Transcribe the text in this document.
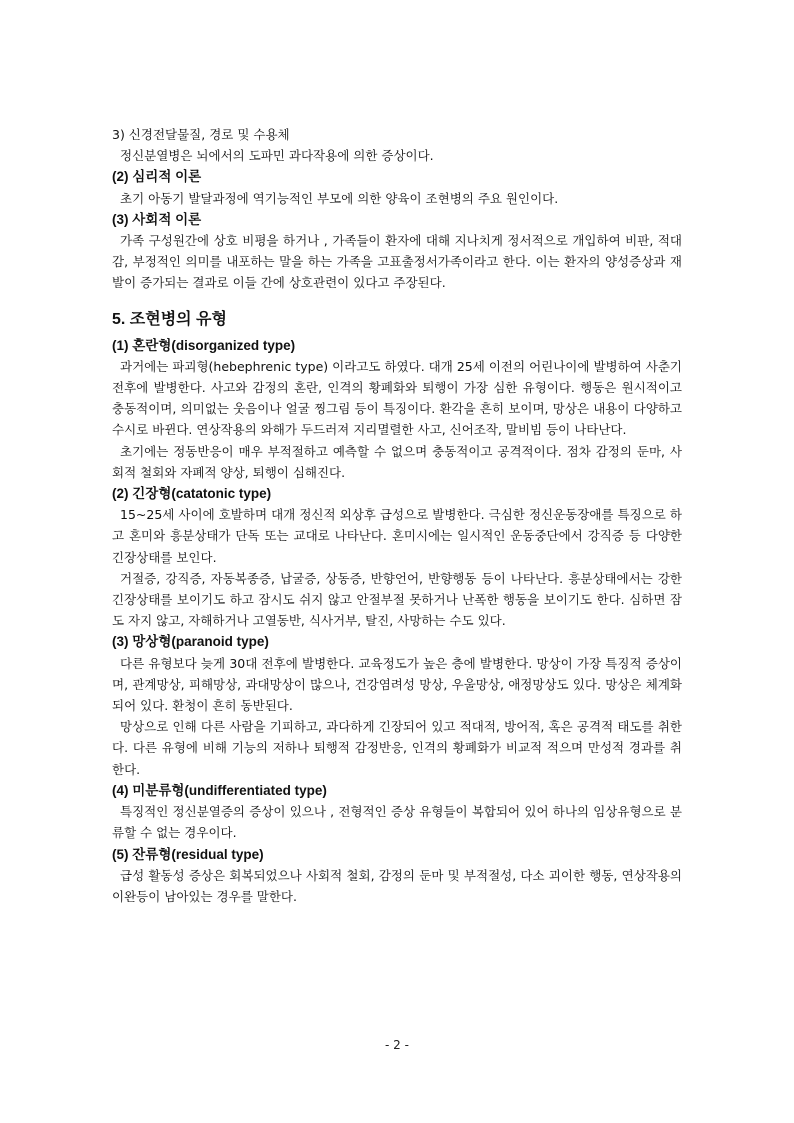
3) 신경전달물질, 경로 및 수용체
정신분열병은 뇌에서의 도파민 과다작용에 의한 증상이다.
(2) 심리적 이론
초기 아동기 발달과정에 역기능적인 부모에 의한 양육이 조현병의 주요 원인이다.
(3) 사회적 이론
가족 구성원간에 상호 비평을 하거나 , 가족들이 환자에 대해 지나치게 정서적으로 개입하여 비판, 적대감, 부정적인 의미를 내포하는 말을 하는 가족을 고표출정서가족이라고 한다. 이는 환자의 양성증상과 재발이 증가되는 결과로 이들 간에 상호관련이 있다고 주장된다.
5. 조현병의 유형
(1) 혼란형(disorganized type)
과거에는 파괴형(hebephrenic type) 이라고도 하였다. 대개 25세 이전의 어린나이에 발병하여 사춘기 전후에 발병한다. 사고와 감정의 혼란, 인격의 황폐화와 퇴행이 가장 심한 유형이다. 행동은 원시적이고 충동적이며, 의미없는 웃음이나 얼굴 찡그림 등이 특징이다. 환각을 흔히 보이며, 망상은 내용이 다양하고 수시로 바뀐다. 연상작용의 와해가 두드러져 지리멸렬한 사고, 신어조작, 말비빔 등이 나타난다.
초기에는 정동반응이 매우 부적절하고 예측할 수 없으며 충동적이고 공격적이다. 점차 감정의 둔마, 사회적 철회와 자폐적 양상, 퇴행이 심해진다.
(2) 긴장형(catatonic type)
15~25세 사이에 호발하며 대개 정신적 외상후 급성으로 발병한다. 극심한 정신운동장애를 특징으로 하고 혼미와 흥분상태가 단독 또는 교대로 나타난다. 혼미시에는 일시적인 운동중단에서 강직증 등 다양한 긴장상태를 보인다.
거절증, 강직증, 자동복종증, 납굴증, 상동증, 반향언어, 반향행동 등이 나타난다. 흥분상태에서는 강한 긴장상태를 보이기도 하고 잠시도 쉬지 않고 안절부절 못하거나 난폭한 행동을 보이기도 한다. 심하면 잠도 자지 않고, 자해하거나 고열동반, 식사거부, 탈진, 사망하는 수도 있다.
(3) 망상형(paranoid type)
다른 유형보다 늦게 30대 전후에 발병한다. 교육정도가 높은 층에 발병한다. 망상이 가장 특징적 증상이며, 관계망상, 피해망상, 과대망상이 많으나, 건강염려성 망상, 우울망상, 애정망상도 있다. 망상은 체계화되어 있다. 환청이 흔히 동반된다.
망상으로 인해 다른 사람을 기피하고, 과다하게 긴장되어 있고 적대적, 방어적, 혹은 공격적 태도를 취한다. 다른 유형에 비해 기능의 저하나 퇴행적 감정반응, 인격의 황폐화가 비교적 적으며 만성적 경과를 취한다.
(4) 미분류형(undifferentiated type)
특징적인 정신분열증의 증상이 있으나 , 전형적인 증상 유형들이 복합되어 있어 하나의 임상유형으로 분류할 수 없는 경우이다.
(5) 잔류형(residual type)
급성 활동성 증상은 회복되었으나 사회적 철회, 감정의 둔마 및 부적절성, 다소 괴이한 행동, 연상작용의 이완등이 남아있는 경우를 말한다.
- 2 -
